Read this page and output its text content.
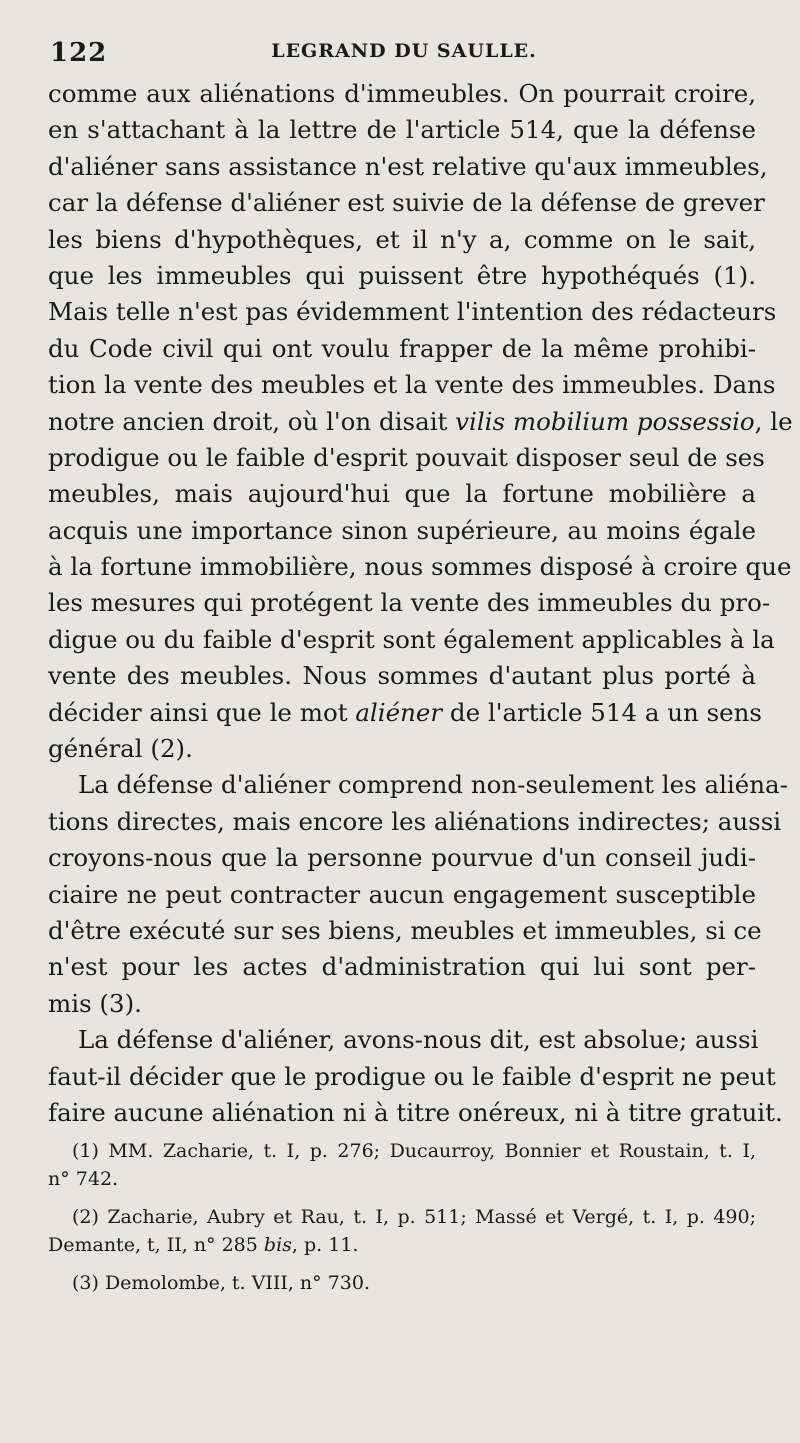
122	LEGRAND DU SAULLE.
comme aux aliénations d'immeubles. On pourrait croire,
en s'attachant à la lettre de l'article 514, que la défense
d'aliéner sans assistance n'est relative qu'aux immeubles,
car la défense d'aliéner est suivie de la défense de grever
les biens d'hypothèques, et il n'y a, comme on le sait,
que les immeubles qui puissent être hypothéqués (1).
Mais telle n'est pas évidemment l'intention des rédacteurs
du Code civil qui ont voulu frapper de la même prohibi-
tion la vente des meubles et la vente des immeubles. Dans
notre ancien droit, où l'on disait vilis mobilium possessio, le
prodigue ou le faible d'esprit pouvait disposer seul de ses
meubles, mais aujourd'hui que la fortune mobilière a
acquis une importance sinon supérieure, au moins égale
à la fortune immobilière, nous sommes disposé à croire que
les mesures qui protégent la vente des immeubles du pro-
digue ou du faible d'esprit sont également applicables à la
vente des meubles. Nous sommes d'autant plus porté à
décider ainsi que le mot aliéner de l'article 514 a un sens
général (2).
La défense d'aliéner comprend non-seulement les aliéna-
tions directes, mais encore les aliénations indirectes; aussi
croyons-nous que la personne pourvue d'un conseil judi-
ciaire ne peut contracter aucun engagement susceptible
d'être exécuté sur ses biens, meubles et immeubles, si ce
n'est pour les actes d'administration qui lui sont per-
mis (3).
La défense d'aliéner, avons-nous dit, est absolue; aussi
faut-il décider que le prodigue ou le faible d'esprit ne peut
faire aucune aliénation ni à titre onéreux, ni à titre gratuit.
(1) MM. Zacharie, t. I, p. 276; Ducaurroy, Bonnier et Roustain, t. I,
n° 742.
(2) Zacharie, Aubry et Rau, t. I, p. 511; Massé et Vergé, t. I, p. 490;
Demante, t, II, n° 285 bis, p. 11.
(3) Demolombe, t. VIII, n° 730.
